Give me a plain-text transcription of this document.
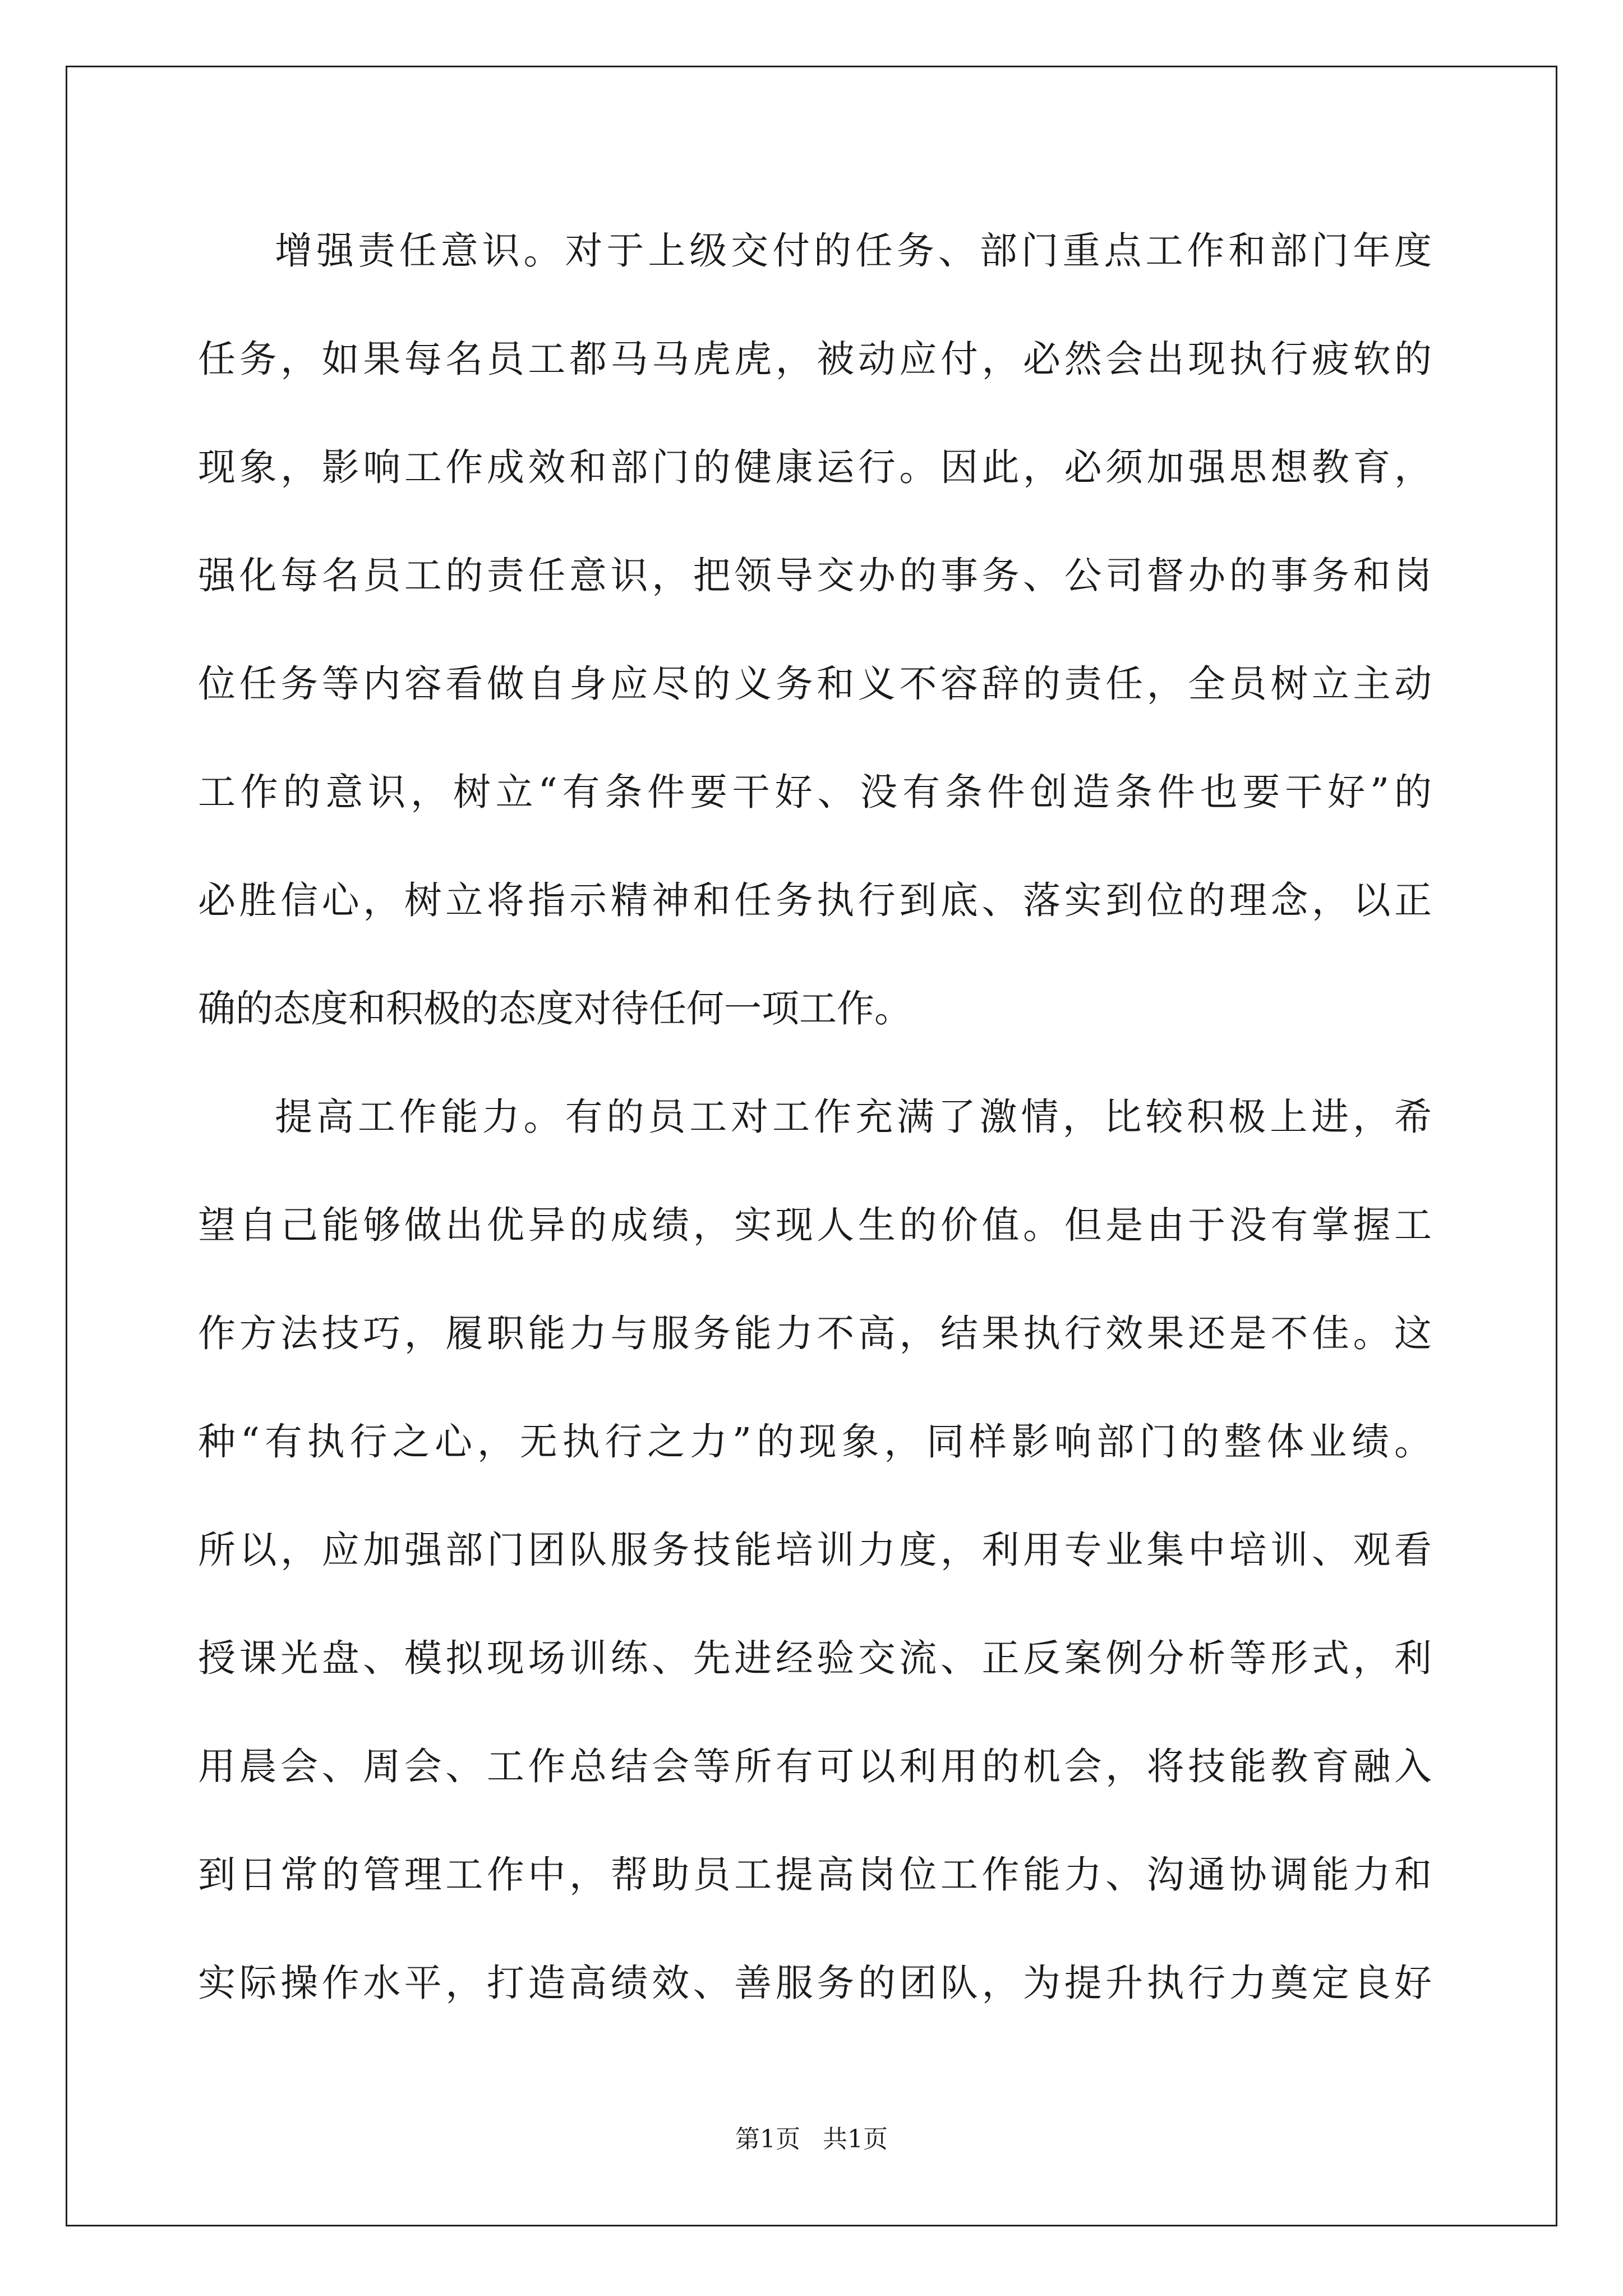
增强责任意识。对于上级交付的任务、部门重点工作和部门年度
任务，如果每名员工都马马虎虎，被动应付，必然会出现执行疲软的
现象，影响工作成效和部门的健康运行。因此，必须加强思想教育，
强化每名员工的责任意识，把领导交办的事务、公司督办的事务和岗
位任务等内容看做自身应尽的义务和义不容辞的责任，全员树立主动
工作的意识，树立“有条件要干好、没有条件创造条件也要干好”的
必胜信心，树立将指示精神和任务执行到底、落实到位的理念，以正
确的态度和积极的态度对待任何一项工作。
提高工作能力。有的员工对工作充满了激情，比较积极上进，希
望自己能够做出优异的成绩，实现人生的价值。但是由于没有掌握工
作方法技巧，履职能力与服务能力不高，结果执行效果还是不佳。这
种“有执行之心，无执行之力”的现象，同样影响部门的整体业绩。
所以，应加强部门团队服务技能培训力度，利用专业集中培训、观看
授课光盘、模拟现场训练、先进经验交流、正反案例分析等形式，利
用晨会、周会、工作总结会等所有可以利用的机会，将技能教育融入
到日常的管理工作中，帮助员工提高岗位工作能力、沟通协调能力和
实际操作水平，打造高绩效、善服务的团队，为提升执行力奠定良好
第1页 共1页
